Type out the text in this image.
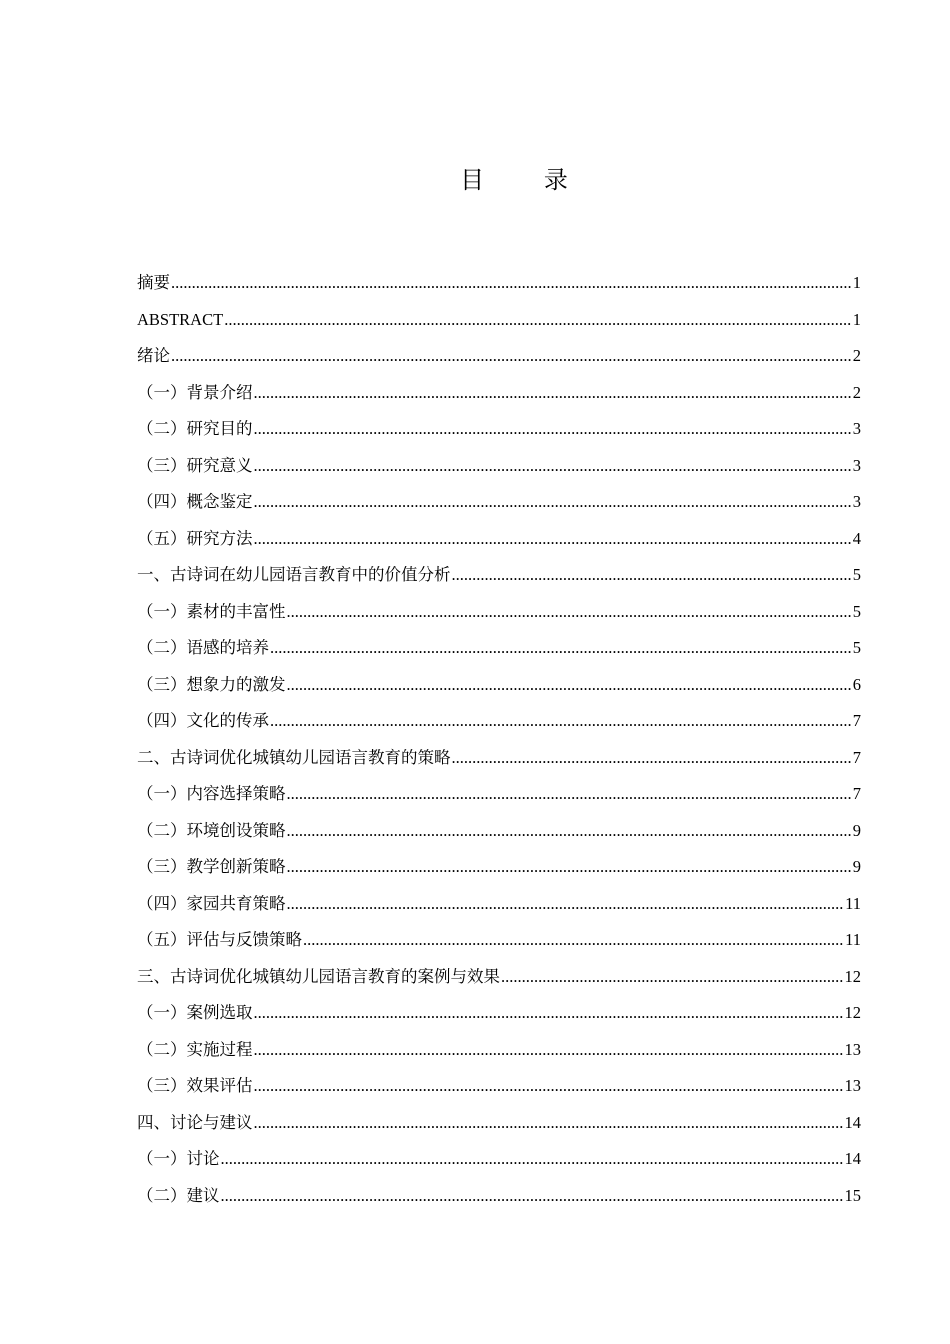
目      录
摘要 .....	1
ABSTRACT .....	1
绪论 .....	2
（一）背景介绍 .....	2
（二）研究目的 .....	3
（三）研究意义 .....	3
（四）概念鉴定 .....	3
（五）研究方法 .....	4
一、古诗词在幼儿园语言教育中的价值分析 .....	5
（一）素材的丰富性 .....	5
（二）语感的培养 .....	5
（三）想象力的激发 .....	6
（四）文化的传承 .....	7
二、古诗词优化城镇幼儿园语言教育的策略 .....	7
（一）内容选择策略 .....	7
（二）环境创设策略 .....	9
（三）教学创新策略 .....	9
（四）家园共育策略 .....	11
（五）评估与反馈策略 .....	11
三、古诗词优化城镇幼儿园语言教育的案例与效果 .....	12
（一）案例选取 .....	12
（二）实施过程 .....	13
（三）效果评估 .....	13
四、讨论与建议 .....	14
（一）讨论 .....	14
（二）建议 .....	15
